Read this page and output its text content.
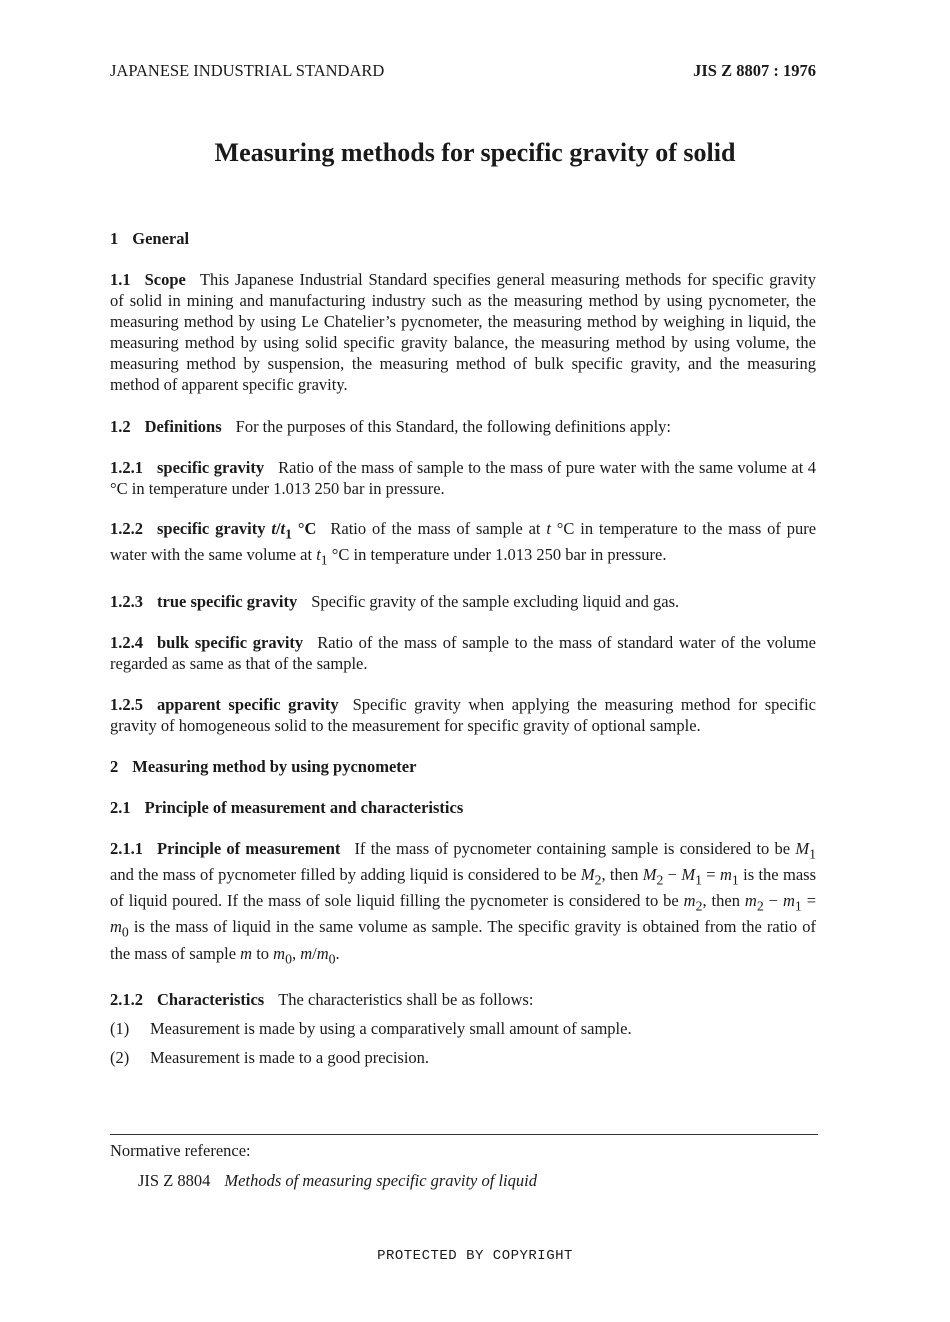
JAPANESE INDUSTRIAL STANDARD	JIS Z 8807 : 1976
Measuring methods for specific gravity of solid

1 General

1.1 Scope This Japanese Industrial Standard specifies general measuring methods for specific gravity of solid in mining and manufacturing industry such as the measuring method by using pycnometer, the measuring method by using Le Chatelier’s pycnometer, the measuring method by weighing in liquid, the measuring method by using solid specific gravity balance, the measuring method by using volume, the measuring method by suspension, the measuring method of bulk specific gravity, and the measuring method of apparent specific gravity.

1.2 Definitions For the purposes of this Standard, the following definitions apply:

1.2.1 specific gravity Ratio of the mass of sample to the mass of pure water with the same volume at 4 °C in temperature under 1.013 250 bar in pressure.

1.2.2 specific gravity $t/t_1$ °C Ratio of the mass of sample at t °C in temperature to the mass of pure water with the same volume at $t_1$ °C in temperature under 1.013 250 bar in pressure.

1.2.3 true specific gravity Specific gravity of the sample excluding liquid and gas.

1.2.4 bulk specific gravity Ratio of the mass of sample to the mass of standard water of the volume regarded as same as that of the sample.

1.2.5 apparent specific gravity Specific gravity when applying the measuring method for specific gravity of homogeneous solid to the measurement for specific gravity of optional sample.

2 Measuring method by using pycnometer

2.1 Principle of measurement and characteristics

2.1.1 Principle of measurement If the mass of pycnometer containing sample is considered to be $M_1$ and the mass of pycnometer filled by adding liquid is considered to be $M_2$, then $M_2 - M_1 = m_1$ is the mass of liquid poured. If the mass of sole liquid filling the pycnometer is considered to be $m_2$, then $m_2 - m_1 = m_0$ is the mass of liquid in the same volume as sample. The specific gravity is obtained from the ratio of the mass of sample m to $m_0$, $m/m_0$.

2.1.2 Characteristics The characteristics shall be as follows:

(1)	Measurement is made by using a comparatively small amount of sample.
(2)	Measurement is made to a good precision.
Normative reference:
JIS Z 8804 Methods of measuring specific gravity of liquid
PROTECTED BY COPYRIGHT
